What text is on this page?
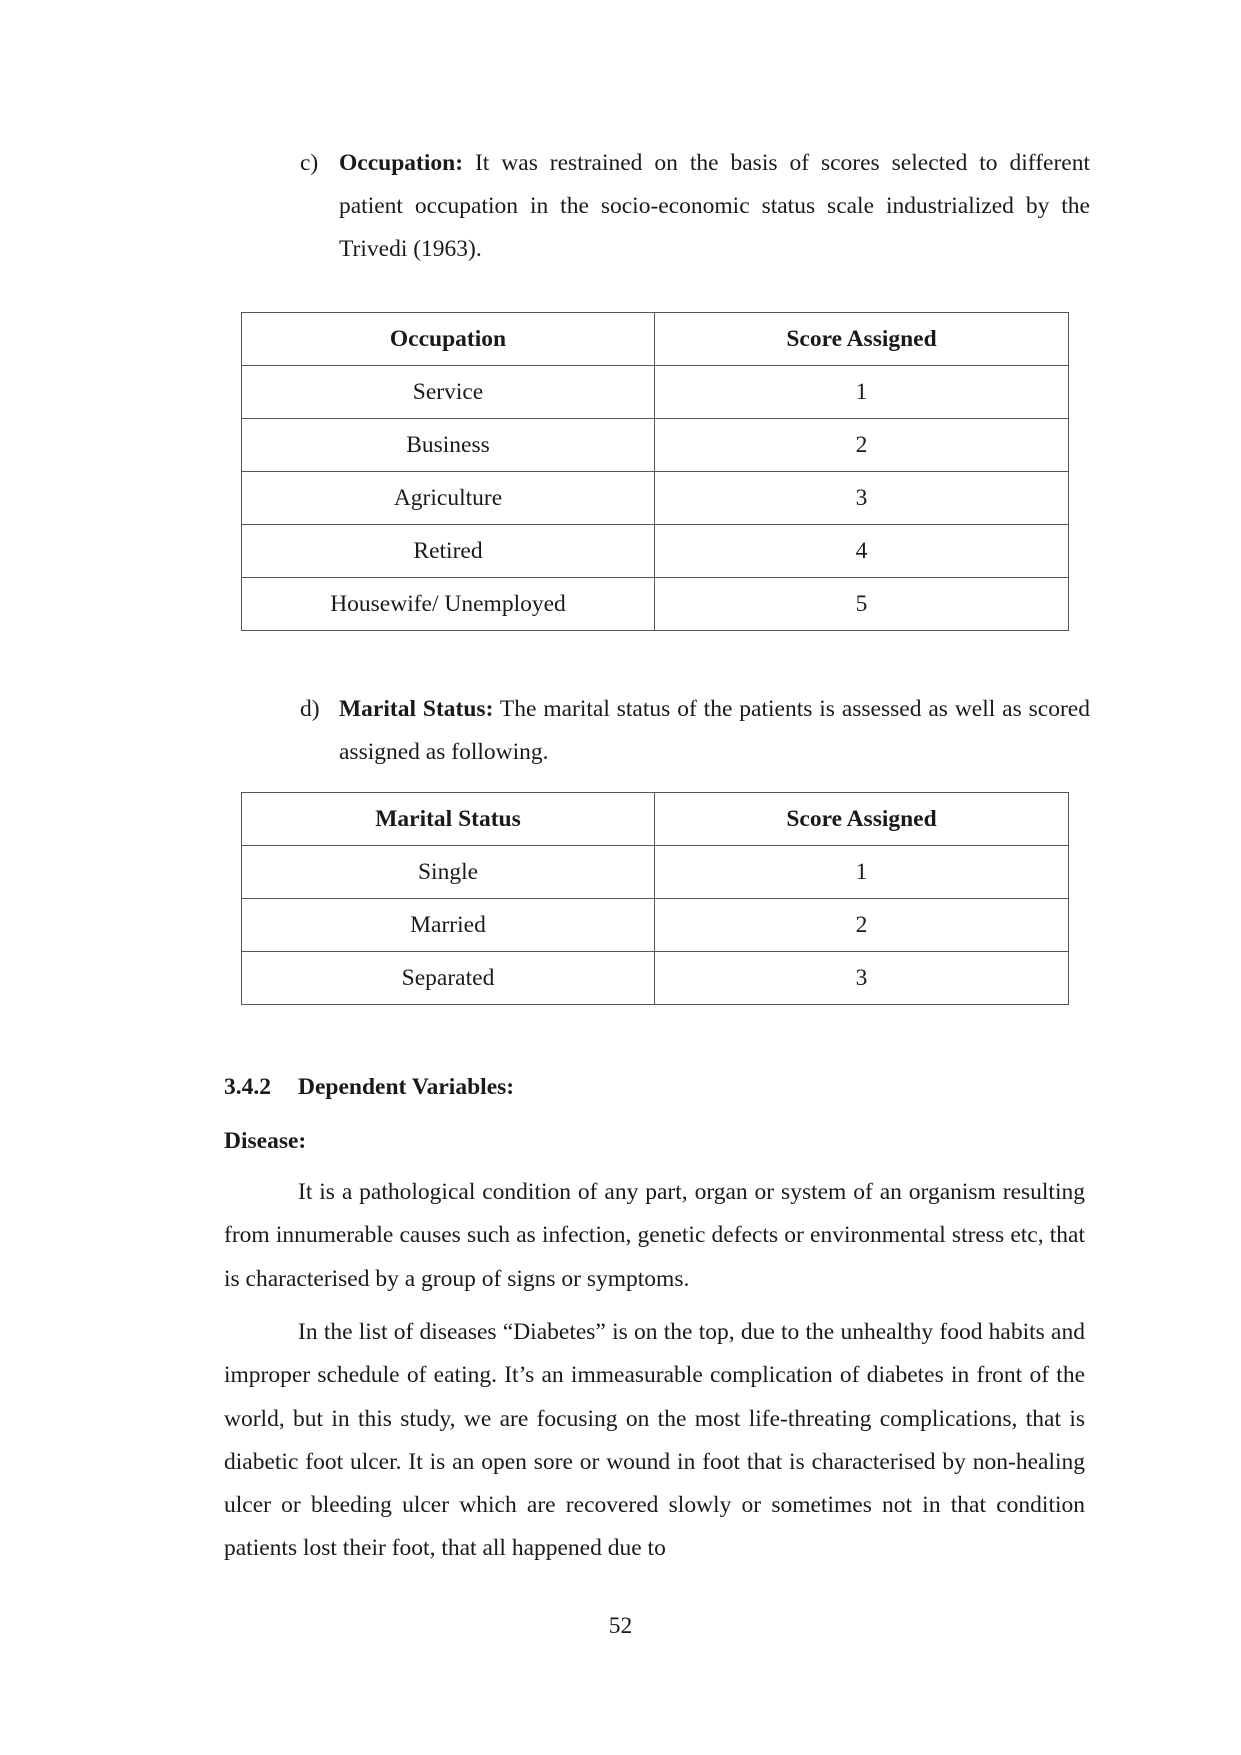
c) Occupation: It was restrained on the basis of scores selected to different patient occupation in the socio-economic status scale industrialized by the Trivedi (1963).
Occupation	Score Assigned
Service	1
Business	2
Agriculture	3
Retired	4
Housewife/ Unemployed	5
d) Marital Status: The marital status of the patients is assessed as well as scored assigned as following.
Marital Status	Score Assigned
Single	1
Married	2
Separated	3
3.4.2 Dependent Variables:
Disease:

It is a pathological condition of any part, organ or system of an organism resulting from innumerable causes such as infection, genetic defects or environmental stress etc, that is characterised by a group of signs or symptoms.

In the list of diseases “Diabetes” is on the top, due to the unhealthy food habits and improper schedule of eating. It’s an immeasurable complication of diabetes in front of the world, but in this study, we are focusing on the most life-threating complications, that is diabetic foot ulcer. It is an open sore or wound in foot that is characterised by non-healing ulcer or bleeding ulcer which are recovered slowly or sometimes not in that condition patients lost their foot, that all happened due to

52
